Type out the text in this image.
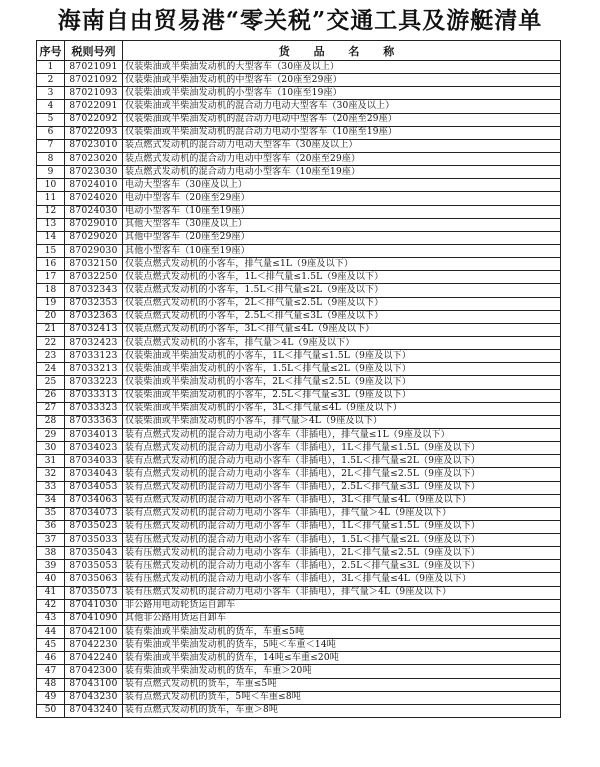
海南自由贸易港“零关税”交通工具及游艇清单
序号	税则号列	货 品 名 称
1	87021091	仅装柴油或半柴油发动机的大型客车（30座及以上）
2	87021092	仅装柴油或半柴油发动机的中型客车（20座至29座）
3	87021093	仅装柴油或半柴油发动机的小型客车（10座至19座）
4	87022091	仅装柴油或半柴油发动机的混合动力电动大型客车（30座及以上）
5	87022092	仅装柴油或半柴油发动机的混合动力电动中型客车（20座至29座）
6	87022093	仅装柴油或半柴油发动机的混合动力电动小型客车（10座至19座）
7	87023010	装点燃式发动机的混合动力电动大型客车（30座及以上）
8	87023020	装点燃式发动机的混合动力电动中型客车（20座至29座）
9	87023030	装点燃式发动机的混合动力电动小型客车（10座至19座）
10	87024010	电动大型客车（30座及以上）
11	87024020	电动中型客车（20座至29座）
12	87024030	电动小型客车（10座至19座）
13	87029010	其他大型客车（30座及以上）
14	87029020	其他中型客车（20座至29座）
15	87029030	其他小型客车（10座至19座）
16	87032150	仅装点燃式发动机的小客车，排气量≤1L（9座及以下）
17	87032250	仅装点燃式发动机的小客车，1L＜排气量≤1.5L（9座及以下）
18	87032343	仅装点燃式发动机的小客车，1.5L＜排气量≤2L（9座及以下）
19	87032353	仅装点燃式发动机的小客车，2L＜排气量≤2.5L（9座及以下）
20	87032363	仅装点燃式发动机的小客车，2.5L＜排气量≤3L（9座及以下）
21	87032413	仅装点燃式发动机的小客车，3L＜排气量≤4L（9座及以下）
22	87032423	仅装点燃式发动机的小客车，排气量＞4L（9座及以下）
23	87033123	仅装柴油或半柴油发动机的小客车，1L＜排气量≤1.5L（9座及以下）
24	87033213	仅装柴油或半柴油发动机的小客车，1.5L＜排气量≤2L（9座及以下）
25	87033223	仅装柴油或半柴油发动机的小客车，2L＜排气量≤2.5L（9座及以下）
26	87033313	仅装柴油或半柴油发动机的小客车，2.5L＜排气量≤3L（9座及以下）
27	87033323	仅装柴油或半柴油发动机的小客车，3L＜排气量≤4L（9座及以下）
28	87033363	仅装柴油或半柴油发动机的小客车，排气量＞4L（9座及以下）
29	87034013	装有点燃式发动机的混合动力电动小客车（非插电），排气量≤1L（9座及以下）
30	87034023	装有点燃式发动机的混合动力电动小客车（非插电），1L＜排气量≤1.5L（9座及以下）
31	87034033	装有点燃式发动机的混合动力电动小客车（非插电），1.5L＜排气量≤2L（9座及以下）
32	87034043	装有点燃式发动机的混合动力电动小客车（非插电），2L＜排气量≤2.5L（9座及以下）
33	87034053	装有点燃式发动机的混合动力电动小客车（非插电），2.5L＜排气量≤3L（9座及以下）
34	87034063	装有点燃式发动机的混合动力电动小客车（非插电），3L＜排气量≤4L（9座及以下）
35	87034073	装有点燃式发动机的混合动力电动小客车（非插电），排气量＞4L（9座及以下）
36	87035023	装有压燃式发动机的混合动力电动小客车（非插电），1L＜排气量≤1.5L（9座及以下）
37	87035033	装有压燃式发动机的混合动力电动小客车（非插电），1.5L＜排气量≤2L（9座及以下）
38	87035043	装有压燃式发动机的混合动力电动小客车（非插电），2L＜排气量≤2.5L（9座及以下）
39	87035053	装有压燃式发动机的混合动力电动小客车（非插电），2.5L＜排气量≤3L（9座及以下）
40	87035063	装有压燃式发动机的混合动力电动小客车（非插电），3L＜排气量≤4L（9座及以下）
41	87035073	装有压燃式发动机的混合动力电动小客车（非插电），排气量＞4L（9座及以下）
42	87041030	非公路用电动轮货运自卸车
43	87041090	其他非公路用货运自卸车
44	87042100	装有柴油或半柴油发动机的货车，车重≤5吨
45	87042230	装有柴油或半柴油发动机的货车，5吨＜车重＜14吨
46	87042240	装有柴油或半柴油发动机的货车，14吨≤车重≤20吨
47	87042300	装有柴油或半柴油发动机的货车，车重＞20吨
48	87043100	装有点燃式发动机的货车，车重≤5吨
49	87043230	装有点燃式发动机的货车，5吨＜车重≤8吨
50	87043240	装有点燃式发动机的货车，车重＞8吨
